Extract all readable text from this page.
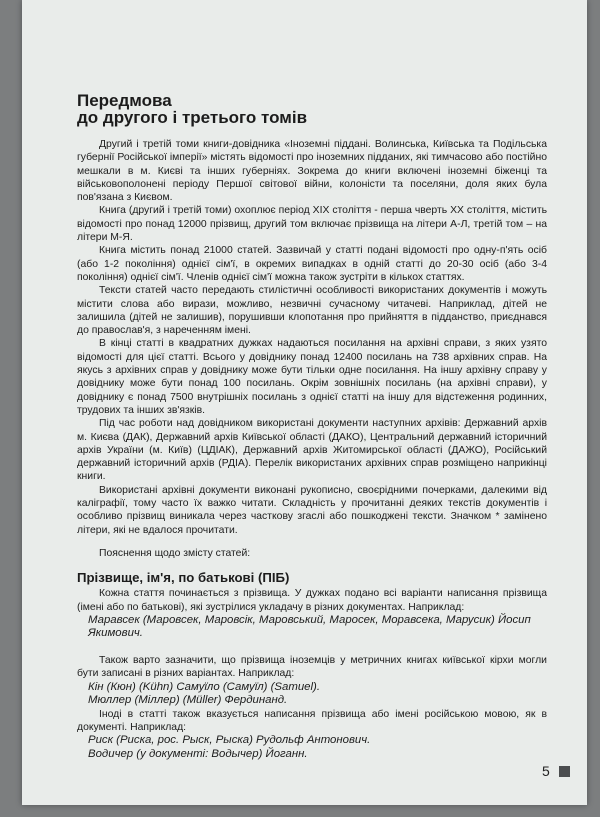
Передмова
до другого і третього томів

Другий і третій томи книги-довідника «Іноземні піддані. Волинська, Київська та Подільська губернії Російської імперії» містять відомості про іноземних підданих, які тимчасово або постійно мешкали в м. Києві та інших губерніях. Зокрема до книги включені іноземні біженці та військовополонені періоду Першої світової війни, колоністи та поселяни, доля яких була пов'язана з Києвом.

Книга (другий і третій томи) охоплює період XIX століття - перша чверть XX століття, містить відомості про понад 12000 прізвищ, другий том включає прізвища на літери А-Л, третій том – на літери М-Я.

Книга містить понад 21000 статей. Зазвичай у статті подані відомості про одну-п'ять осіб (або 1-2 покоління) однієї сім'ї, в окремих випадках в одній статті до 20-30 осіб (або 3-4 покоління) однієї сім'ї. Членів однієї сім'ї можна також зустріти в кількох статтях.

Тексти статей часто передають стилістичні особливості використаних документів і можуть містити слова або вирази, можливо, незвичні сучасному читачеві. Наприклад, дітей не залишила (дітей не залишив), порушивши клопотання про прийняття в підданство, приєднався до православ'я, з нареченням імені.

В кінці статті в квадратних дужках надаються посилання на архівні справи, з яких узято відомості для цієї статті. Всього у довіднику понад 12400 посилань на 738 архівних справ. На якусь з архівних справ у довіднику може бути тільки одне посилання. На іншу архівну справу у довіднику може бути понад 100 посилань. Окрім зовнішніх посилань (на архівні справи), у довіднику є понад 7500 внутрішніх посилань з однієї статті на іншу для відстеження родинних, трудових та інших зв'язків.

Під час роботи над довідником використані документи наступних архівів: Державний архів м. Києва (ДАК), Державний архів Київської області (ДАКО), Центральний державний історичний архів України (м. Київ) (ЦДІАК), Державний архів Житомирської області (ДАЖО), Російський державний історичний архів (РДІА). Перелік використаних архівних справ розміщено наприкінці книги.

Використані архівні документи виконані рукописно, своєрідними почерками, далекими від каліграфії, тому часто їх важко читати. Складність у прочитанні деяких текстів документів і особливо прізвищ виникала через часткову згаслі або пошкоджені тексти. Значком * замінено літери, які не вдалося прочитати.

Пояснення щодо змісту статей:

Прізвище, ім'я, по батькові (ПІБ)

Кожна стаття починається з прізвища. У дужках подано всі варіанти написання прізвища (імені або по батькові), які зустрілися укладачу в різних документах. Наприклад:

Маравсек (Маровсек, Маровсік, Маровський, Маросек, Моравсека, Марусик) Йосип Якимович.

Також варто зазначити, що прізвища іноземців у метричних книгах київської кірхи могли бути записані в різних варіантах. Наприклад:

Кін (Кюн) (Kühn) Самуїло (Самуїл) (Samuel).

Мюллер (Міллер) (Müller) Фердинанд.

Іноді в статті також вказується написання прізвища або імені російською мовою, як в документі. Наприклад:

Риск (Риска, рос. Рыск, Рыска) Рудольф Антонович.

Водичер (у документі: Водычер) Йоганн.

5
